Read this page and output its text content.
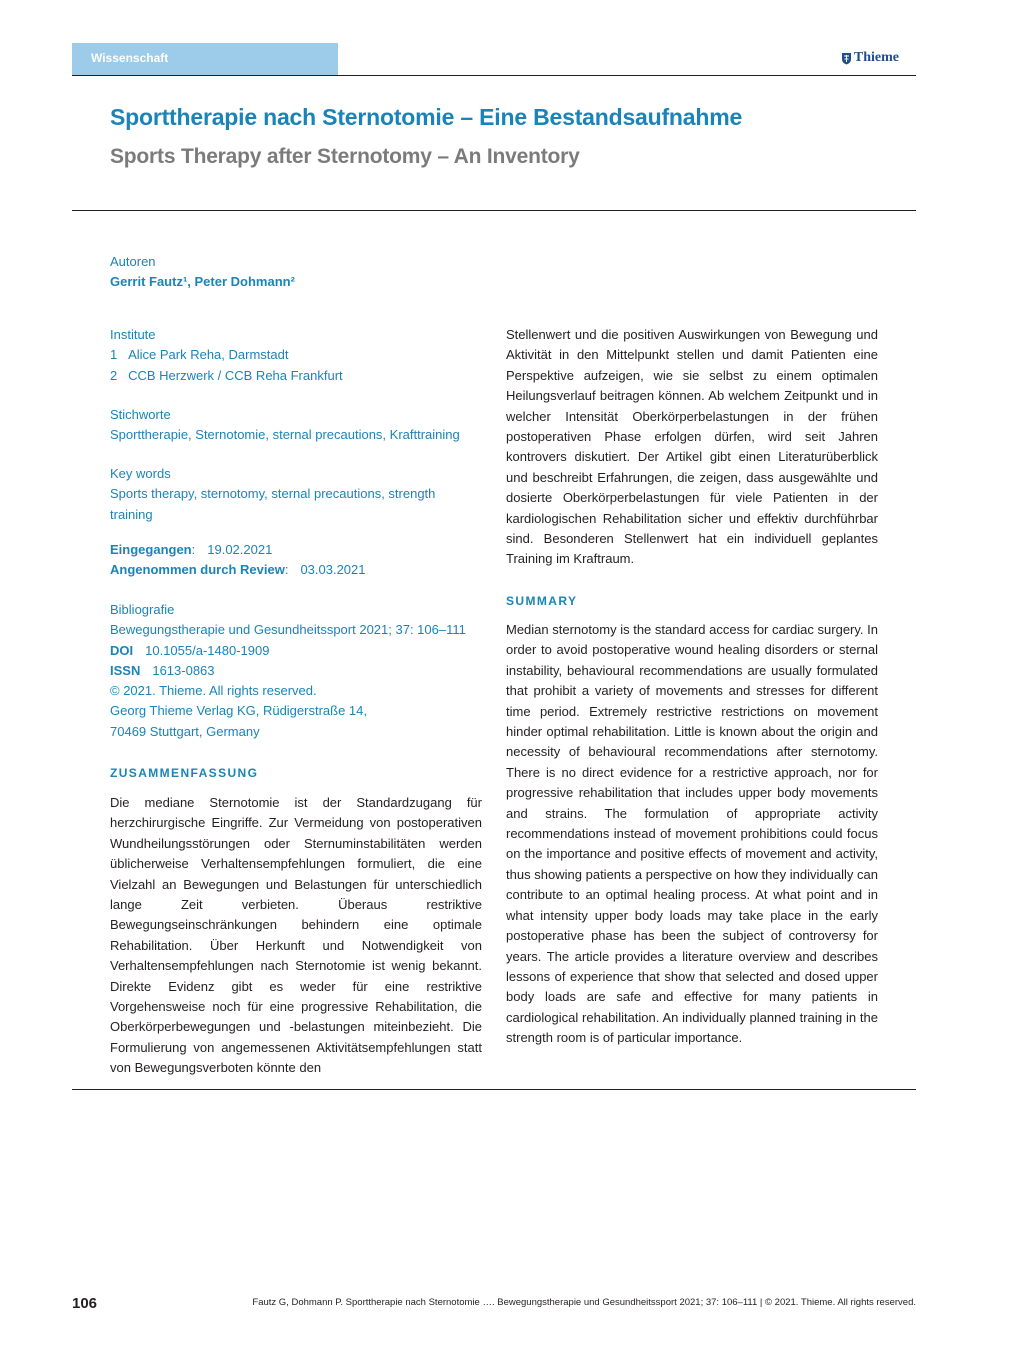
Wissenschaft	Thieme
Sporttherapie nach Sternotomie – Eine Bestandsaufnahme
Sports Therapy after Sternotomy – An Inventory
Autoren
Gerrit Fautz¹, Peter Dohmann²
Institute
1 Alice Park Reha, Darmstadt
2 CCB Herzwerk / CCB Reha Frankfurt
Stichworte
Sporttherapie, Sternotomie, sternal precautions, Krafttraining
Key words
Sports therapy, sternotomy, sternal precautions, strength
training
Eingegangen: 19.02.2021
Angenommen durch Review: 03.03.2021
Bibliografie
Bewegungstherapie und Gesundheitssport 2021; 37: 106–111
DOI 10.1055/a-1480-1909
ISSN 1613-0863
© 2021. Thieme. All rights reserved.
Georg Thieme Verlag KG, Rüdigerstraße 14,
70469 Stuttgart, Germany
ZUSAMMENFASSUNG

Die mediane Sternotomie ist der Standardzugang für herzchirurgische Eingriffe. Zur Vermeidung von postoperativen Wundheilungsstörungen oder Sternuminstabilitäten werden üblicherweise Verhaltensempfehlungen formuliert, die eine Vielzahl an Bewegungen und Belastungen für unterschiedlich lange Zeit verbieten. Überaus restriktive Bewegungseinschränkungen behindern eine optimale Rehabilitation. Über Herkunft und Notwendigkeit von Verhaltensempfehlungen nach Sternotomie ist wenig bekannt. Direkte Evidenz gibt es weder für eine restriktive Vorgehensweise noch für eine progressive Rehabilitation, die Oberkörperbewegungen und -belastungen miteinbezieht. Die Formulierung von angemessenen Aktivitätsempfehlungen statt von Bewegungsverboten könnte den

Stellenwert und die positiven Auswirkungen von Bewegung und Aktivität in den Mittelpunkt stellen und damit Patienten eine Perspektive aufzeigen, wie sie selbst zu einem optimalen Heilungsverlauf beitragen können. Ab welchem Zeitpunkt und in welcher Intensität Oberkörperbelastungen in der frühen postoperativen Phase erfolgen dürfen, wird seit Jahren kontrovers diskutiert. Der Artikel gibt einen Literaturüberblick und beschreibt Erfahrungen, die zeigen, dass ausgewählte und dosierte Oberkörperbelastungen für viele Patienten in der kardiologischen Rehabilitation sicher und effektiv durchführbar sind. Besonderen Stellenwert hat ein individuell geplantes Training im Kraftraum.

SUMMARY

Median sternotomy is the standard access for cardiac surgery. In order to avoid postoperative wound healing disorders or sternal instability, behavioural recommendations are usually formulated that prohibit a variety of movements and stresses for different time period. Extremely restrictive restrictions on movement hinder optimal rehabilitation. Little is known about the origin and necessity of behavioural recommendations after sternotomy. There is no direct evidence for a restrictive approach, nor for progressive rehabilitation that includes upper body movements and strains. The formulation of appropriate activity recommendations instead of movement prohibitions could focus on the importance and positive effects of movement and activity, thus showing patients a perspective on how they individually can contribute to an optimal healing process. At what point and in what intensity upper body loads may take place in the early postoperative phase has been the subject of controversy for years. The article provides a literature overview and describes lessons of experience that show that selected and dosed upper body loads are safe and effective for many patients in cardiological rehabilitation. An individually planned training in the strength room is of particular importance.

106	Fautz G, Dohmann P. Sporttherapie nach Sternotomie …. Bewegungstherapie und Gesundheitssport 2021; 37: 106–111 | © 2021. Thieme. All rights reserved.
